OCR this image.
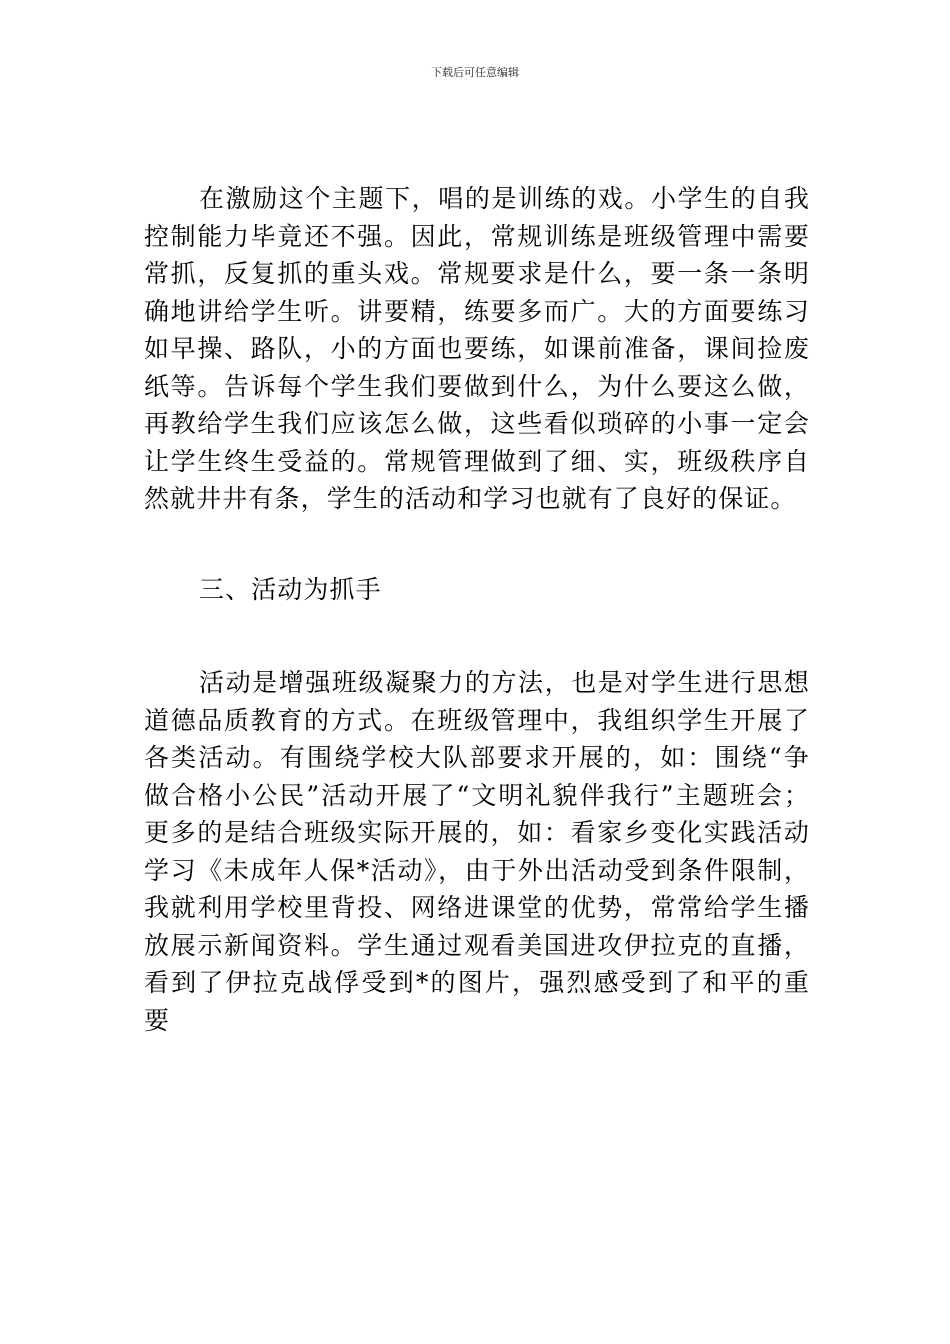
下载后可任意编辑

在激励这个主题下，唱的是训练的戏。小学生的自我控制能力毕竟还不强。因此，常规训练是班级管理中需要常抓，反复抓的重头戏。常规要求是什么，要一条一条明确地讲给学生听。讲要精，练要多而广。大的方面要练习如早操、路队，小的方面也要练，如课前准备，课间捡废纸等。告诉每个学生我们要做到什么，为什么要这么做，再教给学生我们应该怎么做，这些看似琐碎的小事一定会让学生终生受益的。常规管理做到了细、实，班级秩序自然就井井有条，学生的活动和学习也就有了良好的保证。

三、活动为抓手

活动是增强班级凝聚力的方法，也是对学生进行思想道德品质教育的方式。在班级管理中，我组织学生开展了各类活动。有围绕学校大队部要求开展的，如：围绕“争做合格小公民”活动开展了“文明礼貌伴我行”主题班会；更多的是结合班级实际开展的，如：看家乡变化实践活动学习《未成年人保*活动》，由于外出活动受到条件限制，我就利用学校里背投、网络进课堂的优势，常常给学生播放展示新闻资料。学生通过观看美国进攻伊拉克的直播，看到了伊拉克战俘受到*的图片，强烈感受到了和平的重要
